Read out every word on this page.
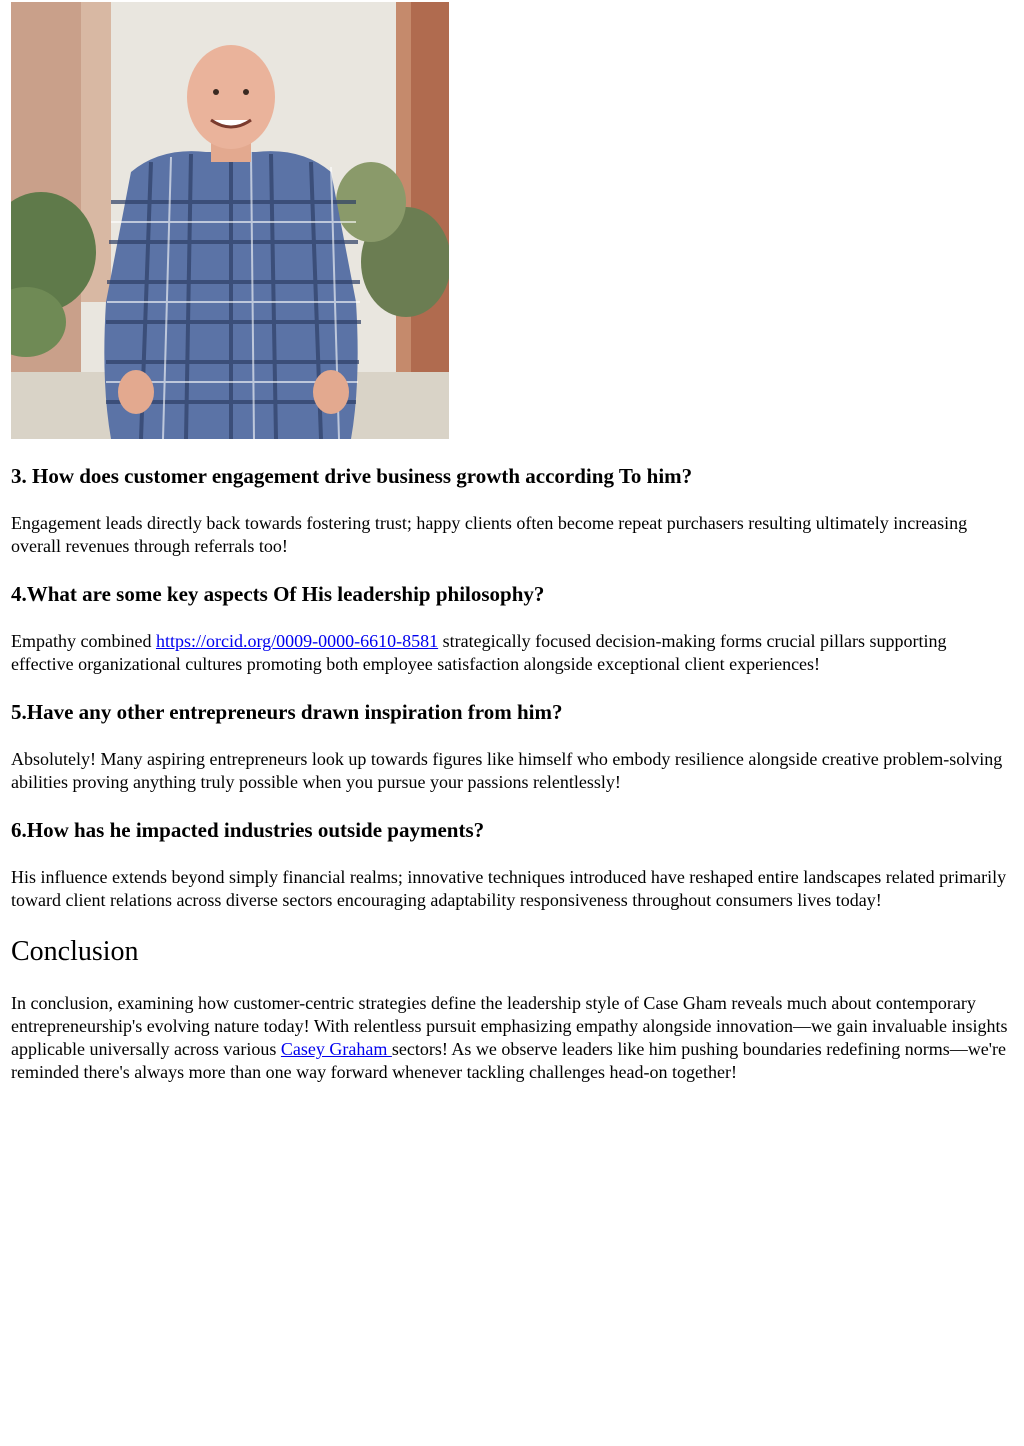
3. How does customer engagement drive business growth according To him?

Engagement leads directly back towards fostering trust; happy clients often become repeat purchasers resulting ultimately increasing overall revenues through referrals too!

4.What are some key aspects Of His leadership philosophy?

Empathy combined https://orcid.org/0009-0000-6610-8581 strategically focused decision-making forms crucial pillars supporting effective organizational cultures promoting both employee satisfaction alongside exceptional client experiences!

5.Have any other entrepreneurs drawn inspiration from him?

Absolutely! Many aspiring entrepreneurs look up towards figures like himself who embody resilience alongside creative problem-solving abilities proving anything truly possible when you pursue your passions relentlessly!

6.How has he impacted industries outside payments?

His influence extends beyond simply financial realms; innovative techniques introduced have reshaped entire landscapes related primarily toward client relations across diverse sectors encouraging adaptability responsiveness throughout consumers lives today!

Conclusion

In conclusion, examining how customer-centric strategies define the leadership style of Case Gham reveals much about contemporary entrepreneurship's evolving nature today! With relentless pursuit emphasizing empathy alongside innovation—we gain invaluable insights applicable universally across various Casey Graham sectors! As we observe leaders like him pushing boundaries redefining norms—we're reminded there's always more than one way forward whenever tackling challenges head-on together!
